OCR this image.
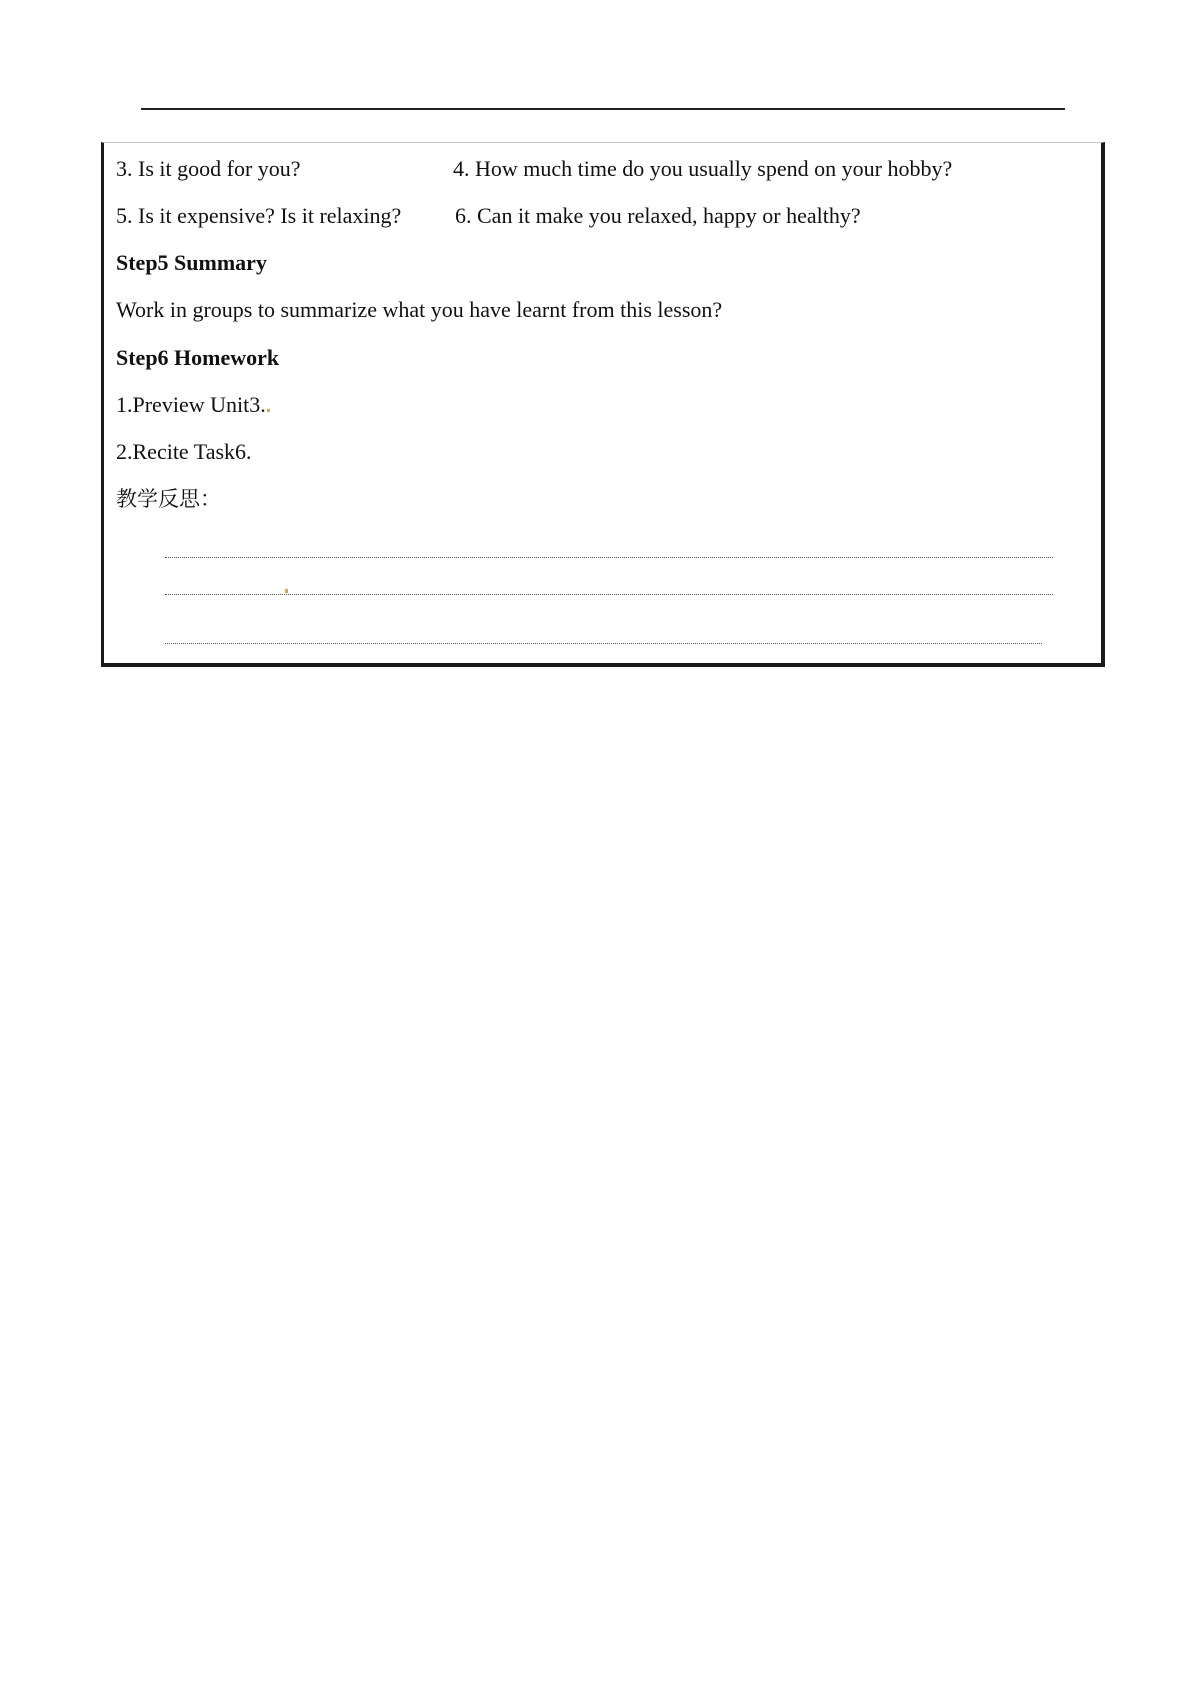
3. Is it good for you?	4. How much time do you usually spend on your hobby?
5. Is it expensive? Is it relaxing? 6. Can it make you relaxed, happy or healthy?
Step5 Summary
Work in groups to summarize what you have learnt from this lesson?
Step6 Homework
1.Preview Unit3.
2.Recite Task6.
教学反思：
